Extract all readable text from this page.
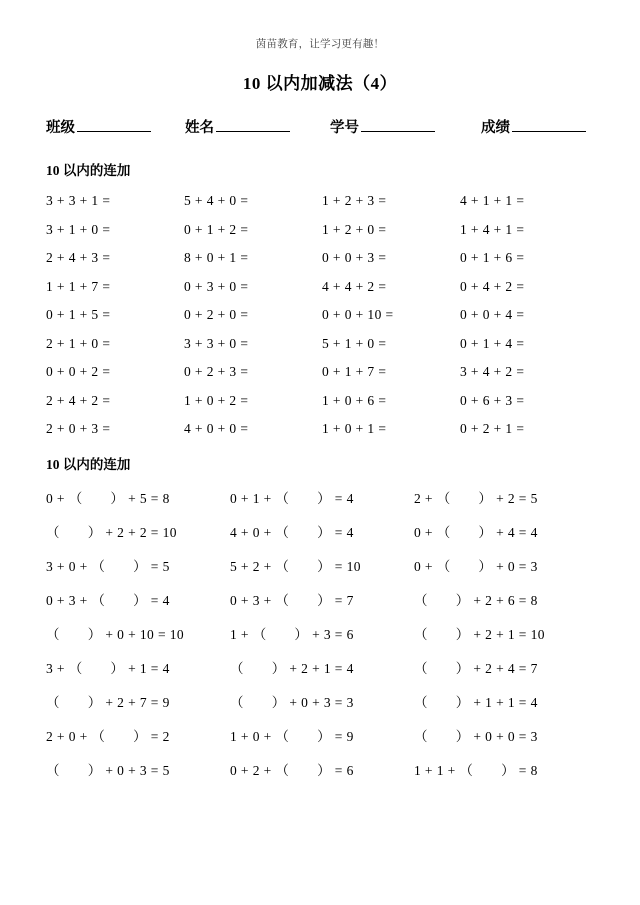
茵苗教育，让学习更有趣！
10 以内加减法（4）
班级	姓名	学号	成绩
10 以内的连加
3 + 3 + 1 =	5 + 4 + 0 =	1 + 2 + 3 =	4 + 1 + 1 =
3 + 1 + 0 =	0 + 1 + 2 =	1 + 2 + 0 =	1 + 4 + 1 =
2 + 4 + 3 =	8 + 0 + 1 =	0 + 0 + 3 =	0 + 1 + 6 =
1 + 1 + 7 =	0 + 3 + 0 =	4 + 4 + 2 =	0 + 4 + 2 =
0 + 1 + 5 =	0 + 2 + 0 =	0 + 0 + 10 =	0 + 0 + 4 =
2 + 1 + 0 =	3 + 3 + 0 =	5 + 1 + 0 =	0 + 1 + 4 =
0 + 0 + 2 =	0 + 2 + 3 =	0 + 1 + 7 =	3 + 4 + 2 =
2 + 4 + 2 =	1 + 0 + 2 =	1 + 0 + 6 =	0 + 6 + 3 =
2 + 0 + 3 =	4 + 0 + 0 =	1 + 0 + 1 =	0 + 2 + 1 =
10 以内的连加
0 + （　　） + 5 = 8	0 + 1 + （　　） = 4	2 + （　　） + 2 = 5
（　　） + 2 + 2 = 10	4 + 0 + （　　） = 4	0 + （　　） + 4 = 4
3 + 0 + （　　） = 5	5 + 2 + （　　） = 10	0 + （　　） + 0 = 3
0 + 3 + （　　） = 4	0 + 3 + （　　） = 7	（　　） + 2 + 6 = 8
（　　） + 0 + 10 = 10	1 + （　　） + 3 = 6	（　　） + 2 + 1 = 10
3 + （　　） + 1 = 4	（　　） + 2 + 1 = 4	（　　） + 2 + 4 = 7
（　　） + 2 + 7 = 9	（　　） + 0 + 3 = 3	（　　） + 1 + 1 = 4
2 + 0 + （　　） = 2	1 + 0 + （　　） = 9	（　　） + 0 + 0 = 3
（　　） + 0 + 3 = 5	0 + 2 + （　　） = 6	1 + 1 + （　　） = 8
